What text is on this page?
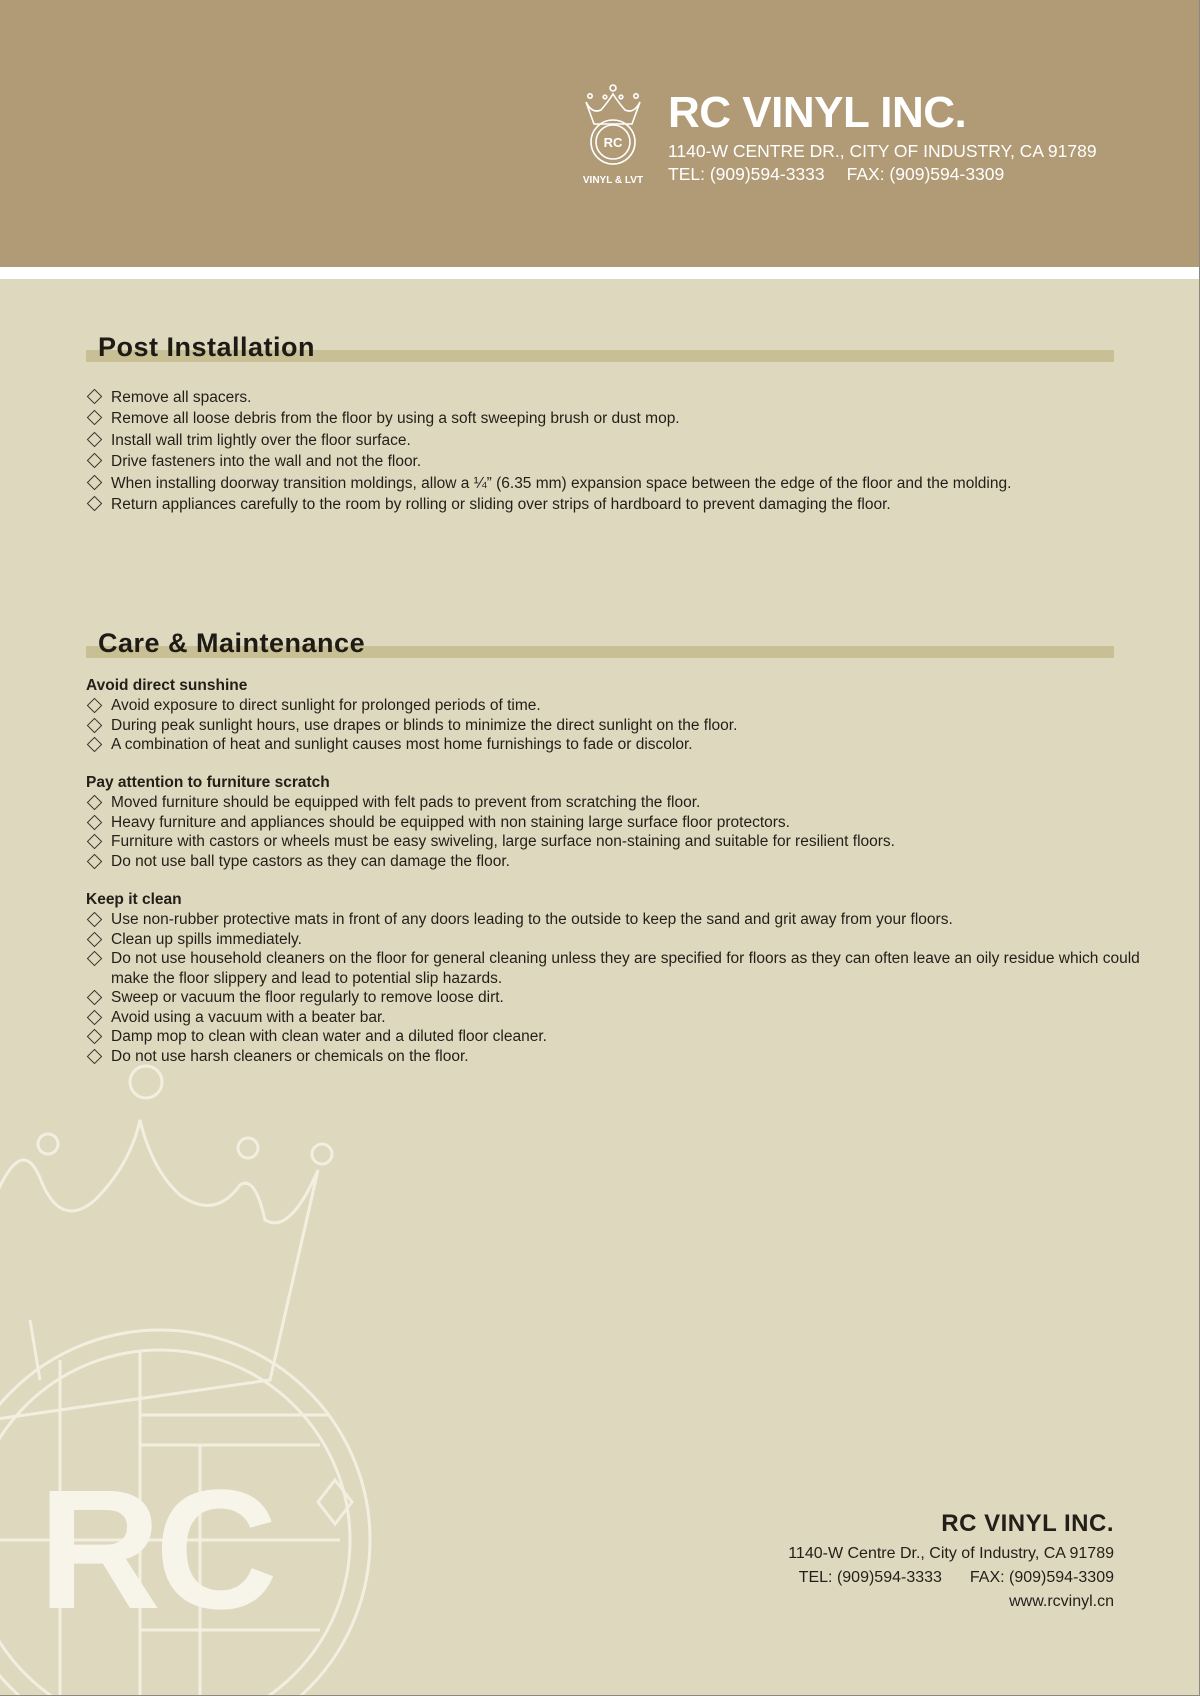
RC
VINYL & LVT
RC VINYL INC.
1140-W CENTRE DR., CITY OF INDUSTRY, CA 91789
TEL: (909)594-3333 FAX: (909)594-3309
RC
Post Installation
Remove all spacers.
Remove all loose debris from the floor by using a soft sweeping brush or dust mop.
Install wall trim lightly over the floor surface.
Drive fasteners into the wall and not the floor.
When installing doorway transition moldings, allow a ¼” (6.35 mm) expansion space between the edge of the floor and the molding.
Return appliances carefully to the room by rolling or sliding over strips of hardboard to prevent damaging the floor.
Care & Maintenance
Avoid direct sunshine
Avoid exposure to direct sunlight for prolonged periods of time.
During peak sunlight hours, use drapes or blinds to minimize the direct sunlight on the floor.
A combination of heat and sunlight causes most home furnishings to fade or discolor.
Pay attention to furniture scratch
Moved furniture should be equipped with felt pads to prevent from scratching the floor.
Heavy furniture and appliances should be equipped with non staining large surface floor protectors.
Furniture with castors or wheels must be easy swiveling, large surface non-staining and suitable for resilient floors.
Do not use ball type castors as they can damage the floor.
Keep it clean
Use non-rubber protective mats in front of any doors leading to the outside to keep the sand and grit away from your floors.
Clean up spills immediately.
Do not use household cleaners on the floor for general cleaning unless they are specified for floors as they can often leave an oily residue which could make the floor slippery and lead to potential slip hazards.
Sweep or vacuum the floor regularly to remove loose dirt.
Avoid using a vacuum with a beater bar.
Damp mop to clean with clean water and a diluted floor cleaner.
Do not use harsh cleaners or chemicals on the floor.
RC VINYL INC.
1140-W Centre Dr., City of Industry, CA 91789
TEL: (909)594-3333 FAX: (909)594-3309
www.rcvinyl.cn
